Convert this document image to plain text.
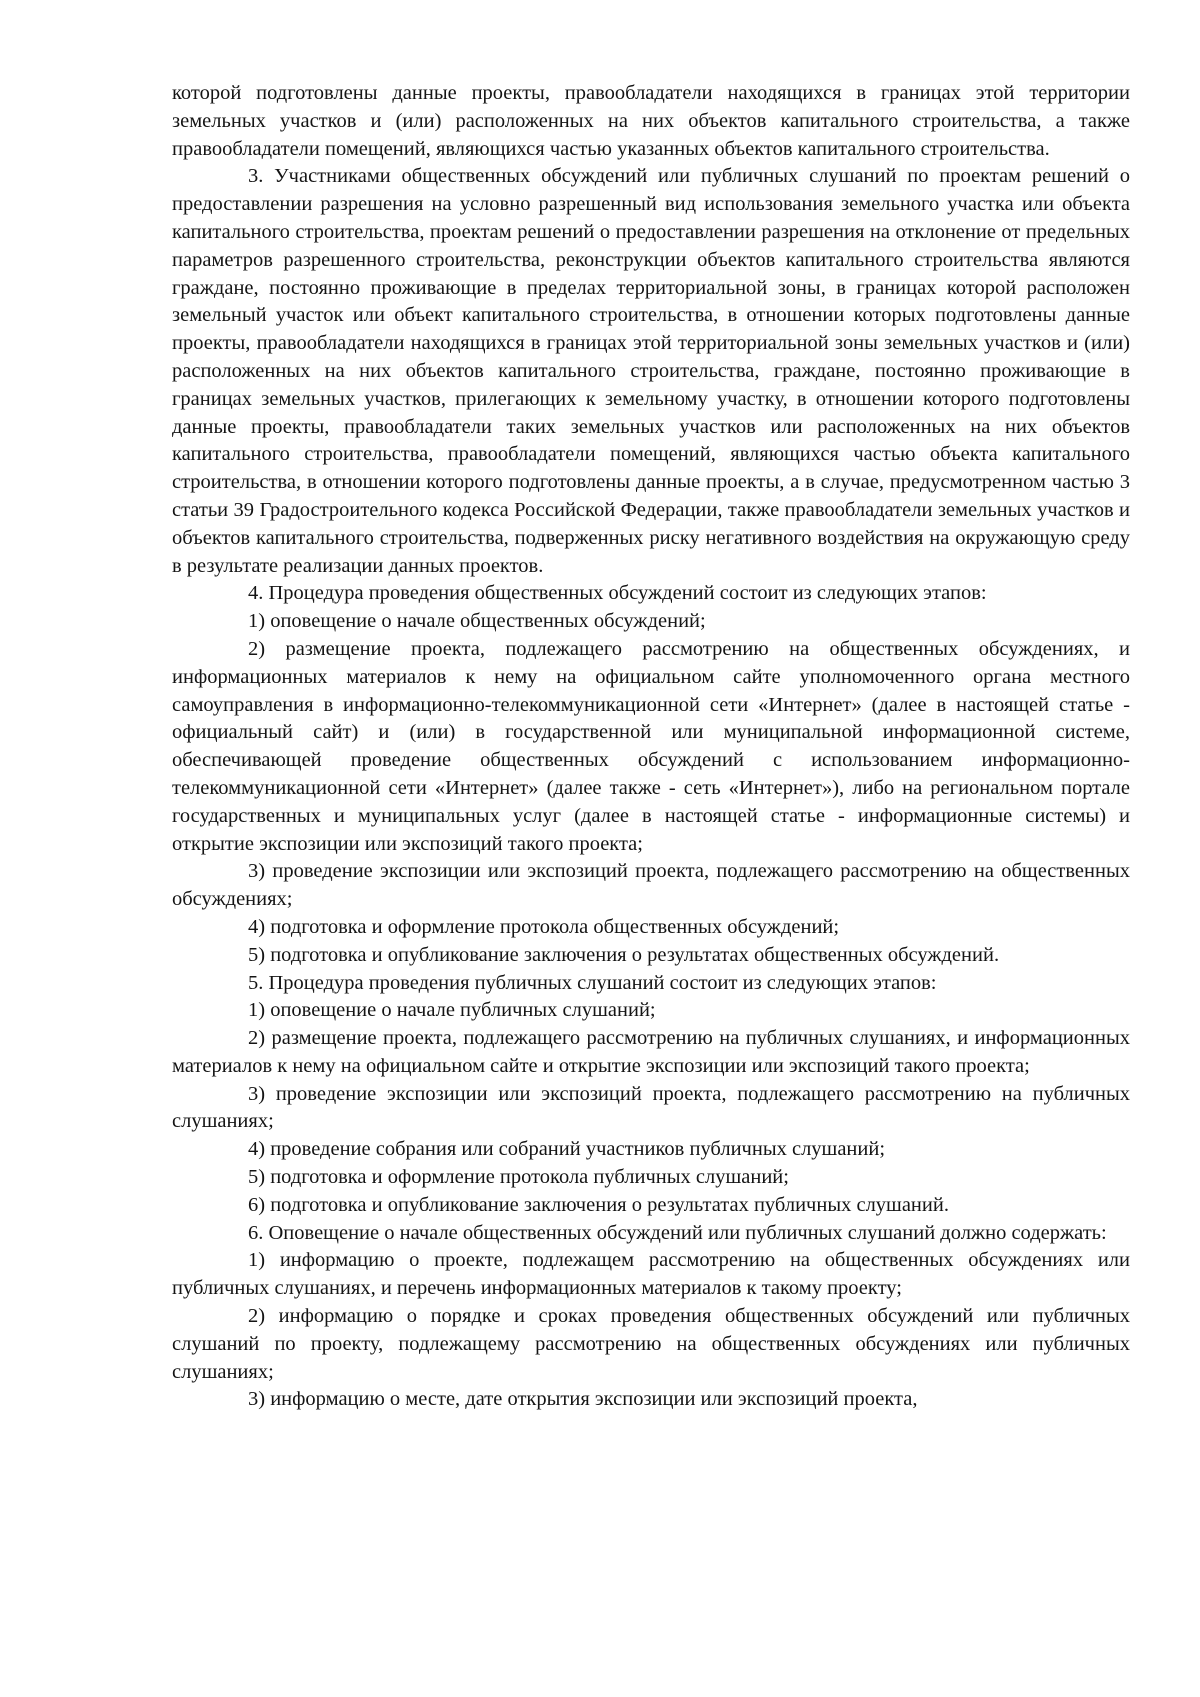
которой подготовлены данные проекты, правообладатели находящихся в границах этой территории земельных участков и (или) расположенных на них объектов капитального строительства, а также правообладатели помещений, являющихся частью указанных объектов капитального строительства.

3. Участниками общественных обсуждений или публичных слушаний по проектам решений о предоставлении разрешения на условно разрешенный вид использования земельного участка или объекта капитального строительства, проектам решений о предоставлении разрешения на отклонение от предельных параметров разрешенного строительства, реконструкции объектов капитального строительства являются граждане, постоянно проживающие в пределах территориальной зоны, в границах которой расположен земельный участок или объект капитального строительства, в отношении которых подготовлены данные проекты, правообладатели находящихся в границах этой территориальной зоны земельных участков и (или) расположенных на них объектов капитального строительства, граждане, постоянно проживающие в границах земельных участков, прилегающих к земельному участку, в отношении которого подготовлены данные проекты, правообладатели таких земельных участков или расположенных на них объектов капитального строительства, правообладатели помещений, являющихся частью объекта капитального строительства, в отношении которого подготовлены данные проекты, а в случае, предусмотренном частью 3 статьи 39 Градостроительного кодекса Российской Федерации, также правообладатели земельных участков и объектов капитального строительства, подверженных риску негативного воздействия на окружающую среду в результате реализации данных проектов.

4. Процедура проведения общественных обсуждений состоит из следующих этапов:

1) оповещение о начале общественных обсуждений;

2) размещение проекта, подлежащего рассмотрению на общественных обсуждениях, и информационных материалов к нему на официальном сайте уполномоченного органа местного самоуправления в информационно-телекоммуникационной сети «Интернет» (далее в настоящей статье - официальный сайт) и (или) в государственной или муниципальной информационной системе, обеспечивающей проведение общественных обсуждений с использованием информационно-телекоммуникационной сети «Интернет» (далее также - сеть «Интернет»), либо на региональном портале государственных и муниципальных услуг (далее в настоящей статье - информационные системы) и открытие экспозиции или экспозиций такого проекта;

3) проведение экспозиции или экспозиций проекта, подлежащего рассмотрению на общественных обсуждениях;

4) подготовка и оформление протокола общественных обсуждений;

5) подготовка и опубликование заключения о результатах общественных обсуждений.

5. Процедура проведения публичных слушаний состоит из следующих этапов:

1) оповещение о начале публичных слушаний;

2) размещение проекта, подлежащего рассмотрению на публичных слушаниях, и информационных материалов к нему на официальном сайте и открытие экспозиции или экспозиций такого проекта;

3) проведение экспозиции или экспозиций проекта, подлежащего рассмотрению на публичных слушаниях;

4) проведение собрания или собраний участников публичных слушаний;

5) подготовка и оформление протокола публичных слушаний;

6) подготовка и опубликование заключения о результатах публичных слушаний.

6. Оповещение о начале общественных обсуждений или публичных слушаний должно содержать:

1) информацию о проекте, подлежащем рассмотрению на общественных обсуждениях или публичных слушаниях, и перечень информационных материалов к такому проекту;

2) информацию о порядке и сроках проведения общественных обсуждений или публичных слушаний по проекту, подлежащему рассмотрению на общественных обсуждениях или публичных слушаниях;

3) информацию о месте, дате открытия экспозиции или экспозиций проекта,
